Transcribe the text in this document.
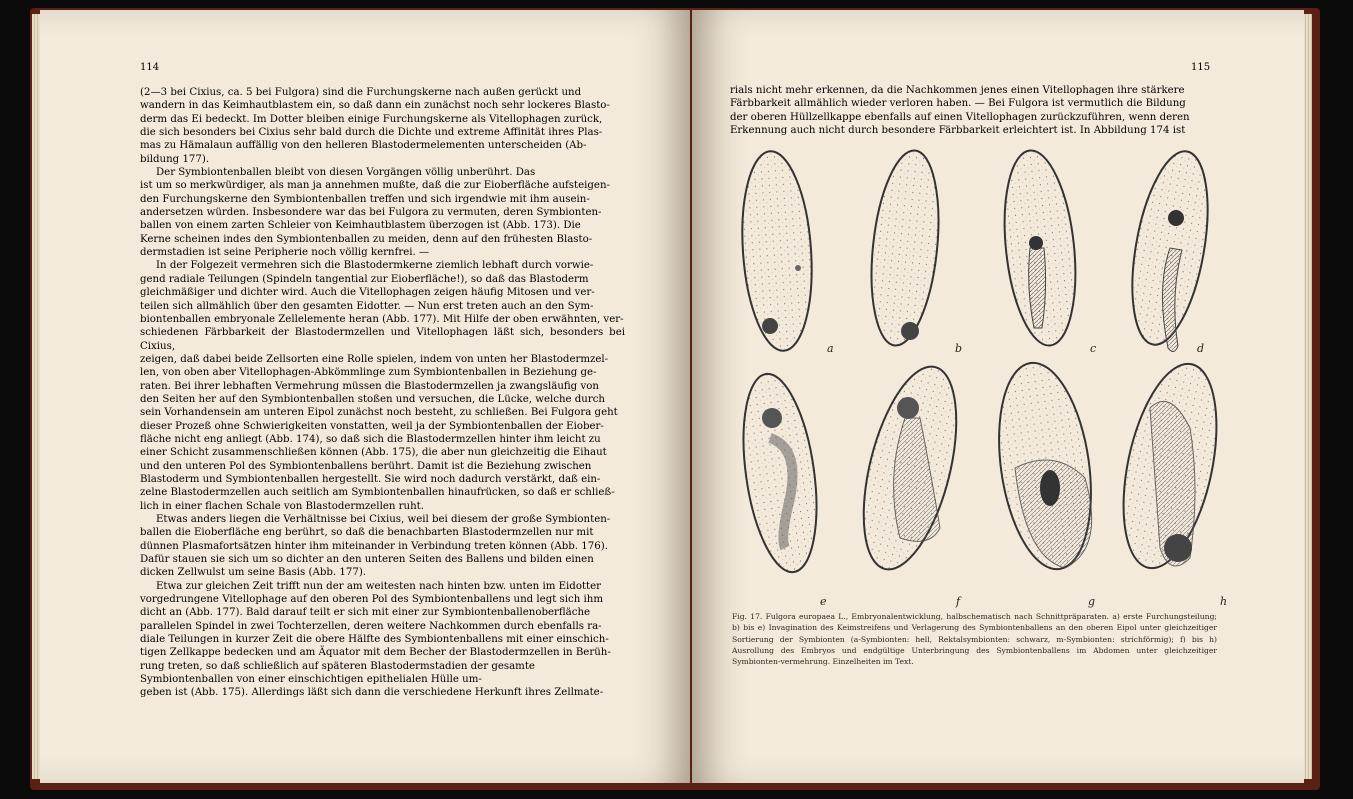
114	115

(2—3 bei Cixius, ca. 5 bei Fulgora) sind die Furchungskerne nach außen gerückt und
wandern in das Keimhautblastem ein, so daß dann ein zunächst noch sehr lockeres Blasto-
derm das Ei bedeckt. Im Dotter bleiben einige Furchungskerne als Vitellophagen zurück,
die sich besonders bei Cixius sehr bald durch die Dichte und extreme Affinität ihres Plas-
mas zu Hämalaun auffällig von den helleren Blastodermelementen unterscheiden (Ab-
bildung 177).

Der Symbiontenballen bleibt von diesen Vorgängen völlig unberührt. Das
ist um so merkwürdiger, als man ja annehmen mußte, daß die zur Eioberfläche aufsteigen-
den Furchungskerne den Symbiontenballen treffen und sich irgendwie mit ihm ausein-
andersetzen würden. Insbesondere war das bei Fulgora zu vermuten, deren Symbionten-
ballen von einem zarten Schleier von Keimhautblastem überzogen ist (Abb. 173). Die
Kerne scheinen indes den Symbiontenballen zu meiden, denn auf den frühesten Blasto-
dermstadien ist seine Peripherie noch völlig kernfrei. —

In der Folgezeit vermehren sich die Blastodermkerne ziemlich lebhaft durch vorwie-
gend radiale Teilungen (Spindeln tangential zur Eioberfläche!), so daß das Blastoderm
gleichmäßiger und dichter wird. Auch die Vitellophagen zeigen häufig Mitosen und ver-
teilen sich allmählich über den gesamten Eidotter. — Nun erst treten auch an den Sym-
biontenballen embryonale Zellelemente heran (Abb. 177). Mit Hilfe der oben erwähnten, ver-
schiedenen Färbbarkeit der Blastodermzellen und Vitellophagen läßt sich, besonders bei Cixius,
zeigen, daß dabei beide Zellsorten eine Rolle spielen, indem von unten her Blastodermzel-
len, von oben aber Vitellophagen-Abkömmlinge zum Symbiontenballen in Beziehung ge-
raten. Bei ihrer lebhaften Vermehrung müssen die Blastodermzellen ja zwangsläufig von
den Seiten her auf den Symbiontenballen stoßen und versuchen, die Lücke, welche durch
sein Vorhandensein am unteren Eipol zunächst noch besteht, zu schließen. Bei Fulgora geht
dieser Prozeß ohne Schwierigkeiten vonstatten, weil ja der Symbiontenballen der Eiober-
fläche nicht eng anliegt (Abb. 174), so daß sich die Blastodermzellen hinter ihm leicht zu
einer Schicht zusammenschließen können (Abb. 175), die aber nun gleichzeitig die Eihaut
und den unteren Pol des Symbiontenballens berührt. Damit ist die Beziehung zwischen
Blastoderm und Symbiontenballen hergestellt. Sie wird noch dadurch verstärkt, daß ein-
zelne Blastodermzellen auch seitlich am Symbiontenballen hinaufrücken, so daß er schließ-
lich in einer flachen Schale von Blastodermzellen ruht.

Etwas anders liegen die Verhältnisse bei Cixius, weil bei diesem der große Symbionten-
ballen die Eioberfläche eng berührt, so daß die benachbarten Blastodermzellen nur mit
dünnen Plasmafortsätzen hinter ihm miteinander in Verbindung treten können (Abb. 176).
Dafür stauen sie sich um so dichter an den unteren Seiten des Ballens und bilden einen
dicken Zellwulst um seine Basis (Abb. 177).

Etwa zur gleichen Zeit trifft nun der am weitesten nach hinten bzw. unten im Eidotter
vorgedrungene Vitellophage auf den oberen Pol des Symbiontenballens und legt sich ihm
dicht an (Abb. 177). Bald darauf teilt er sich mit einer zur Symbiontenballenoberfläche
parallelen Spindel in zwei Tochterzellen, deren weitere Nachkommen durch ebenfalls ra-
diale Teilungen in kurzer Zeit die obere Hälfte des Symbiontenballens mit einer einschich-
tigen Zellkappe bedecken und am Äquator mit dem Becher der Blastodermzellen in Berüh-
rung treten, so daß schließlich auf späteren Blastodermstadien der gesamte
Symbiontenballen von einer einschichtigen epithelialen Hülle um-
geben ist (Abb. 175). Allerdings läßt sich dann die verschiedene Herkunft ihres Zellmate-

rials nicht mehr erkennen, da die Nachkommen jenes einen Vitellophagen ihre stärkere
Färbbarkeit allmählich wieder verloren haben. — Bei Fulgora ist vermutlich die Bildung
der oberen Hüllzellkappe ebenfalls auf einen Vitellophagen zurückzuführen, wenn deren
Erkennung auch nicht durch besondere Färbbarkeit erleichtert ist. In Abbildung 174 ist

a	b	c	d
e	f	g	h

Fig. 17. Fulgora europaea L., Embryonalentwicklung, halbschematisch nach Schnittpräparaten. a) erste Furchungsteilung; b) bis e) Invagination des Keimstreifens und Verlagerung des Symbiontenballens an den oberen Eipol unter gleichzeitiger Sortierung der Symbionten (a-Symbionten: hell, Rektalsymbionten: schwarz, m-Symbionten: strichförmig); f) bis h) Ausrollung des Embryos und endgültige Unterbringung des Symbiontenballens im Abdomen unter gleichzeitiger Symbionten-vermehrung. Einzelheiten im Text.
